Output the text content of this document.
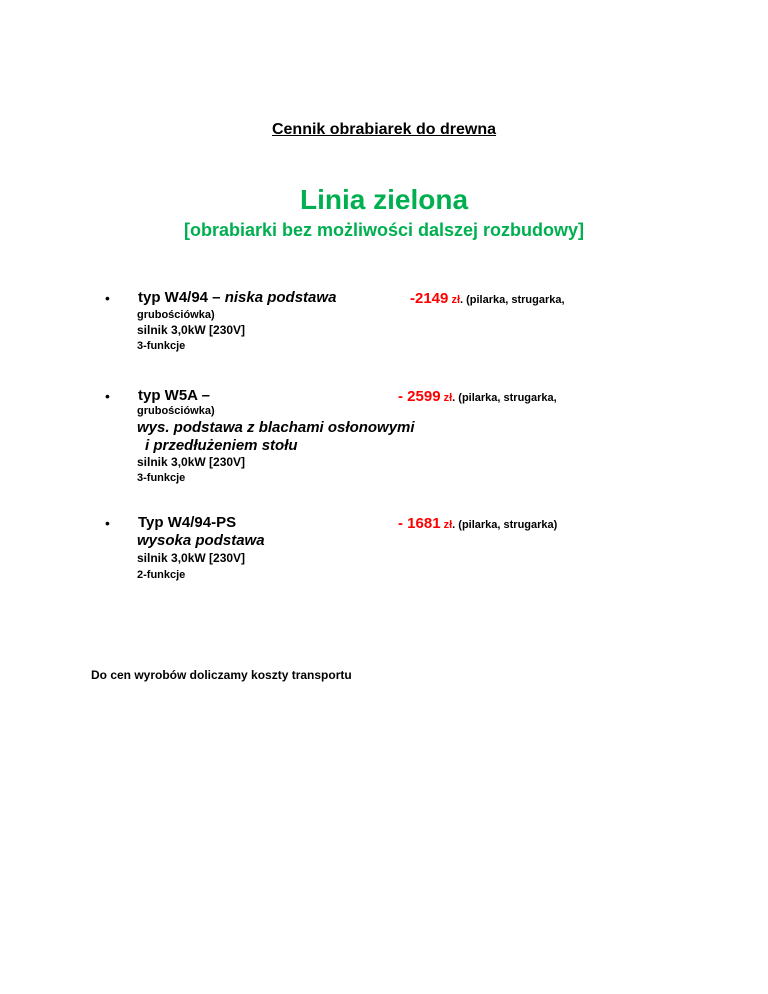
Cennik obrabiarek do drewna
Linia zielona
[obrabiarki bez możliwości dalszej rozbudowy]
• typ W4/94 – niska podstawa	-2149 zł. (pilarka, strugarka,
grubościówka)
silnik 3,0kW [230V]
3-funkcje
• typ W5A –	- 2599 zł. (pilarka, strugarka,
grubościówka)
wys. podstawa z blachami osłonowymi
i przedłużeniem stołu
silnik 3,0kW [230V]
3-funkcje
• Typ W4/94-PS	- 1681 zł. (pilarka, strugarka)
wysoka podstawa
silnik 3,0kW [230V]
2-funkcje
Do cen wyrobów doliczamy koszty transportu
